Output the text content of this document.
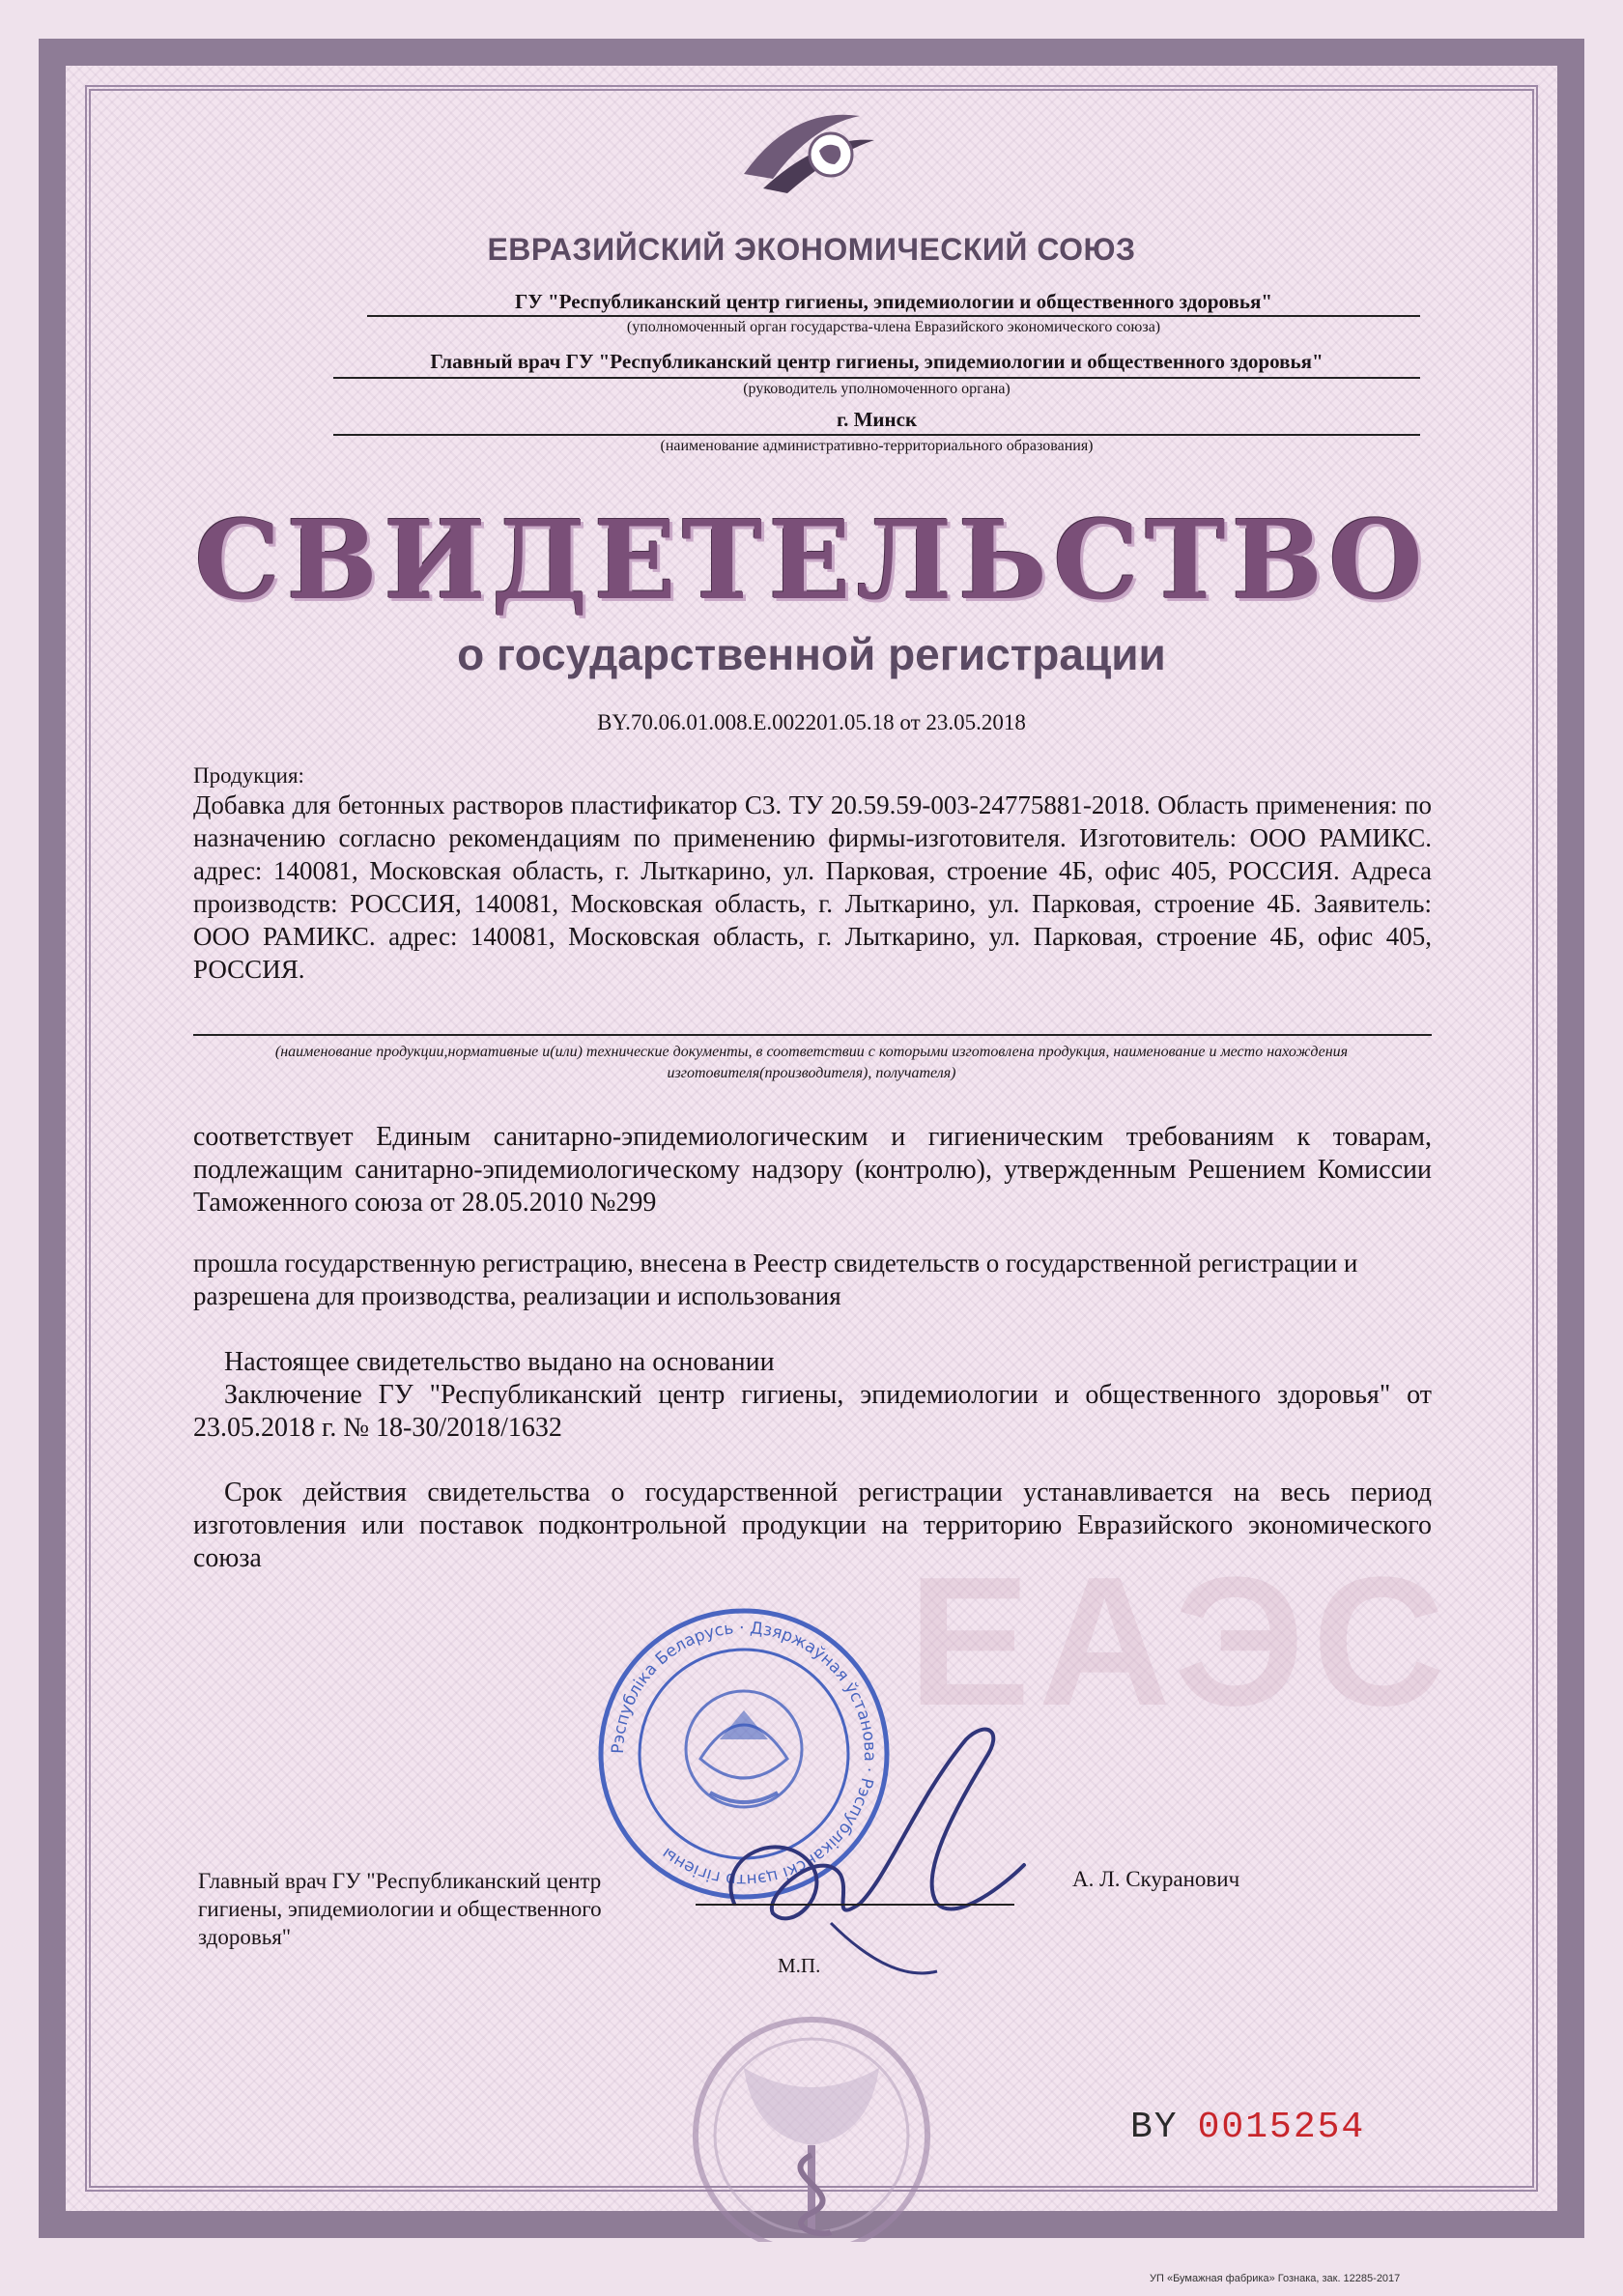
ЕВРАЗИЙСКИЙ ЭКОНОМИЧЕСКИЙ СОЮЗ
ГУ "Республиканский центр гигиены, эпидемиологии и общественного здоровья"
(уполномоченный орган государства-члена Евразийского экономического союза)
Главный врач ГУ "Республиканский центр гигиены, эпидемиологии и общественного здоровья"
(руководитель уполномоченного органа)
г. Минск
(наименование административно-территориального образования)
СВИДЕТЕЛЬСТВО
о государственной регистрации
BY.70.06.01.008.E.002201.05.18 от 23.05.2018
Продукция:
Добавка для бетонных растворов пластификатор С3. ТУ 20.59.59-003-24775881-2018. Область применения: по назначению согласно рекомендациям по применению фирмы-изготовителя. Изготовитель: ООО РАМИКС. адрес: 140081, Московская область, г. Лыткарино, ул. Парковая, строение 4Б, офис 405, РОССИЯ. Адреса производств: РОССИЯ, 140081, Московская область, г. Лыткарино, ул. Парковая, строение 4Б. Заявитель: ООО РАМИКС. адрес: 140081, Московская область, г. Лыткарино, ул. Парковая, строение 4Б, офис 405, РОССИЯ.
(наименование продукции,нормативные и(или) технические документы, в соответствии с которыми изготовлена продукция, наименование и место нахождения изготовителя(производителя), получателя)
соответствует Единым санитарно-эпидемиологическим и гигиеническим требованиям к товарам, подлежащим санитарно-эпидемиологическому надзору (контролю), утвержденным Решением Комиссии Таможенного союза от 28.05.2010 №299
прошла государственную регистрацию, внесена в Реестр свидетельств о государственной регистрации и разрешена для производства, реализации и использования
Настоящее свидетельство выдано на основании
Заключение ГУ "Республиканский центр гигиены, эпидемиологии и общественного здоровья" от 23.05.2018 г. № 18-30/2018/1632
Срок действия свидетельства о государственной регистрации устанавливается на весь период изготовления или поставок подконтрольной продукции на территорию Евразийского экономического союза	ЕАЭС
Рэспубліка Беларусь · Дзяржаўная ўстанова · Рэспубліканскі цэнтр гігіены
Главный врач ГУ "Республиканский центр гигиены, эпидемиологии и общественного здоровья"
А. Л. Скуранович
М.П.
BY 0015254
УП «Бумажная фабрика» Гознака, зак. 12285-2017
